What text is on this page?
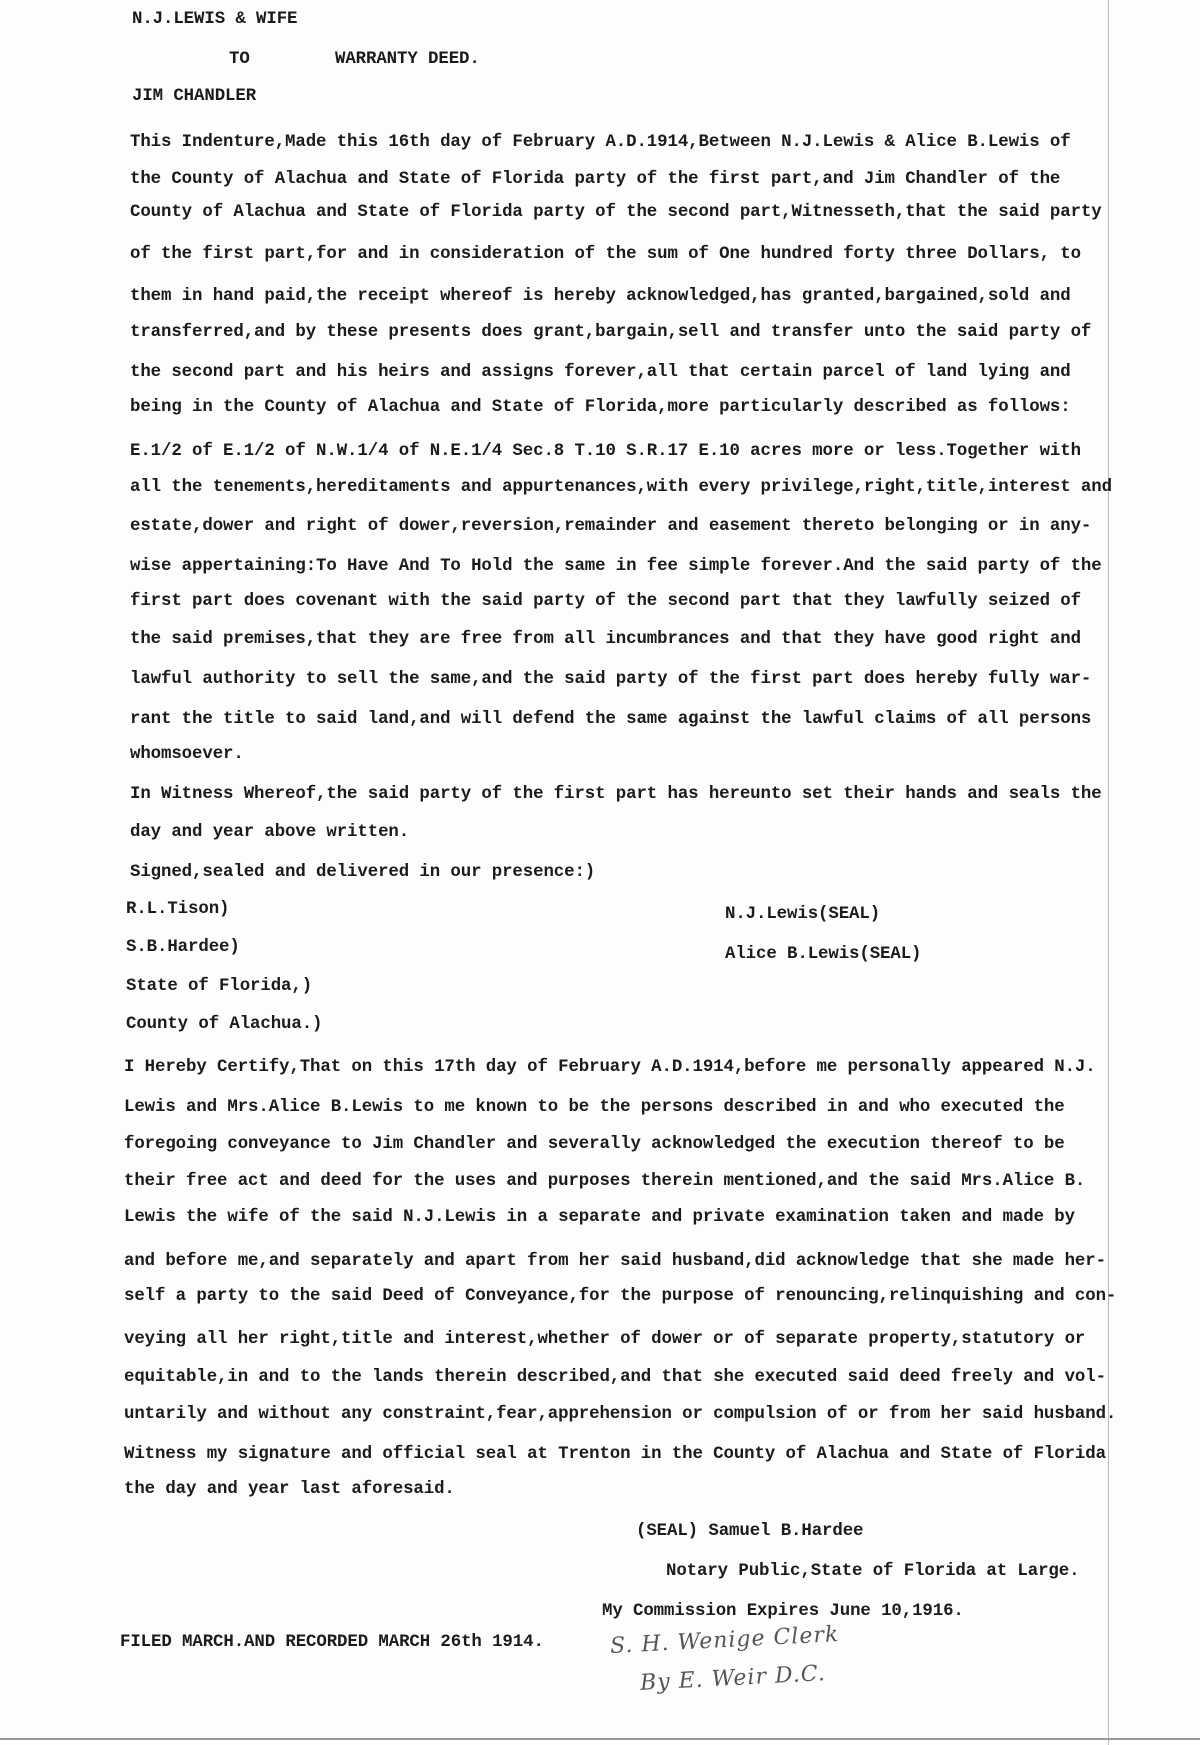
N.J.LEWIS & WIFE
TO	WARRANTY DEED.
JIM CHANDLER
This Indenture,Made this 16th day of February A.D.1914,Between N.J.Lewis & Alice B.Lewis of
the County of Alachua and State of Florida party of the first part,and Jim Chandler of the
County of Alachua and State of Florida party of the second part,Witnesseth,that the said party
of the first part,for and in consideration of the sum of One hundred forty three Dollars, to
them in hand paid,the receipt whereof is hereby acknowledged,has granted,bargained,sold and
transferred,and by these presents does grant,bargain,sell and transfer unto the said party of
the second part and his heirs and assigns forever,all that certain parcel of land lying and
being in the County of Alachua and State of Florida,more particularly described as follows:
E.1/2 of E.1/2 of N.W.1/4 of N.E.1/4 Sec.8 T.10 S.R.17 E.10 acres more or less.Together with
all the tenements,hereditaments and appurtenances,with every privilege,right,title,interest and
estate,dower and right of dower,reversion,remainder and easement thereto belonging or in any-
wise appertaining:To Have And To Hold the same in fee simple forever.And the said party of the
first part does covenant with the said party of the second part that they lawfully seized of
the said premises,that they are free from all incumbrances and that they have good right and
lawful authority to sell the same,and the said party of the first part does hereby fully war-
rant the title to said land,and will defend the same against the lawful claims of all persons
whomsoever.
In Witness Whereof,the said party of the first part has hereunto set their hands and seals the
day and year above written.
Signed,sealed and delivered in our presence:)
R.L.Tison)
S.B.Hardee)
N.J.Lewis(SEAL)
Alice B.Lewis(SEAL)
State of Florida,)
County of Alachua.)
I Hereby Certify,That on this 17th day of February A.D.1914,before me personally appeared N.J.
Lewis and Mrs.Alice B.Lewis to me known to be the persons described in and who executed the
foregoing conveyance to Jim Chandler and severally acknowledged the execution thereof to be
their free act and deed for the uses and purposes therein mentioned,and the said Mrs.Alice B.
Lewis the wife of the said N.J.Lewis in a separate and private examination taken and made by
and before me,and separately and apart from her said husband,did acknowledge that she made her-
self a party to the said Deed of Conveyance,for the purpose of renouncing,relinquishing and con-
veying all her right,title and interest,whether of dower or of separate property,statutory or
equitable,in and to the lands therein described,and that she executed said deed freely and vol-
untarily and without any constraint,fear,apprehension or compulsion of or from her said husband.
Witness my signature and official seal at Trenton in the County of Alachua and State of Florida
the day and year last aforesaid.
(SEAL) Samuel B.Hardee
Notary Public,State of Florida at Large.
My Commission Expires June 10,1916.
FILED MARCH.AND RECORDED MARCH 26th 1914.	S. H. Wenige Clerk
By E. Weir D.C.
